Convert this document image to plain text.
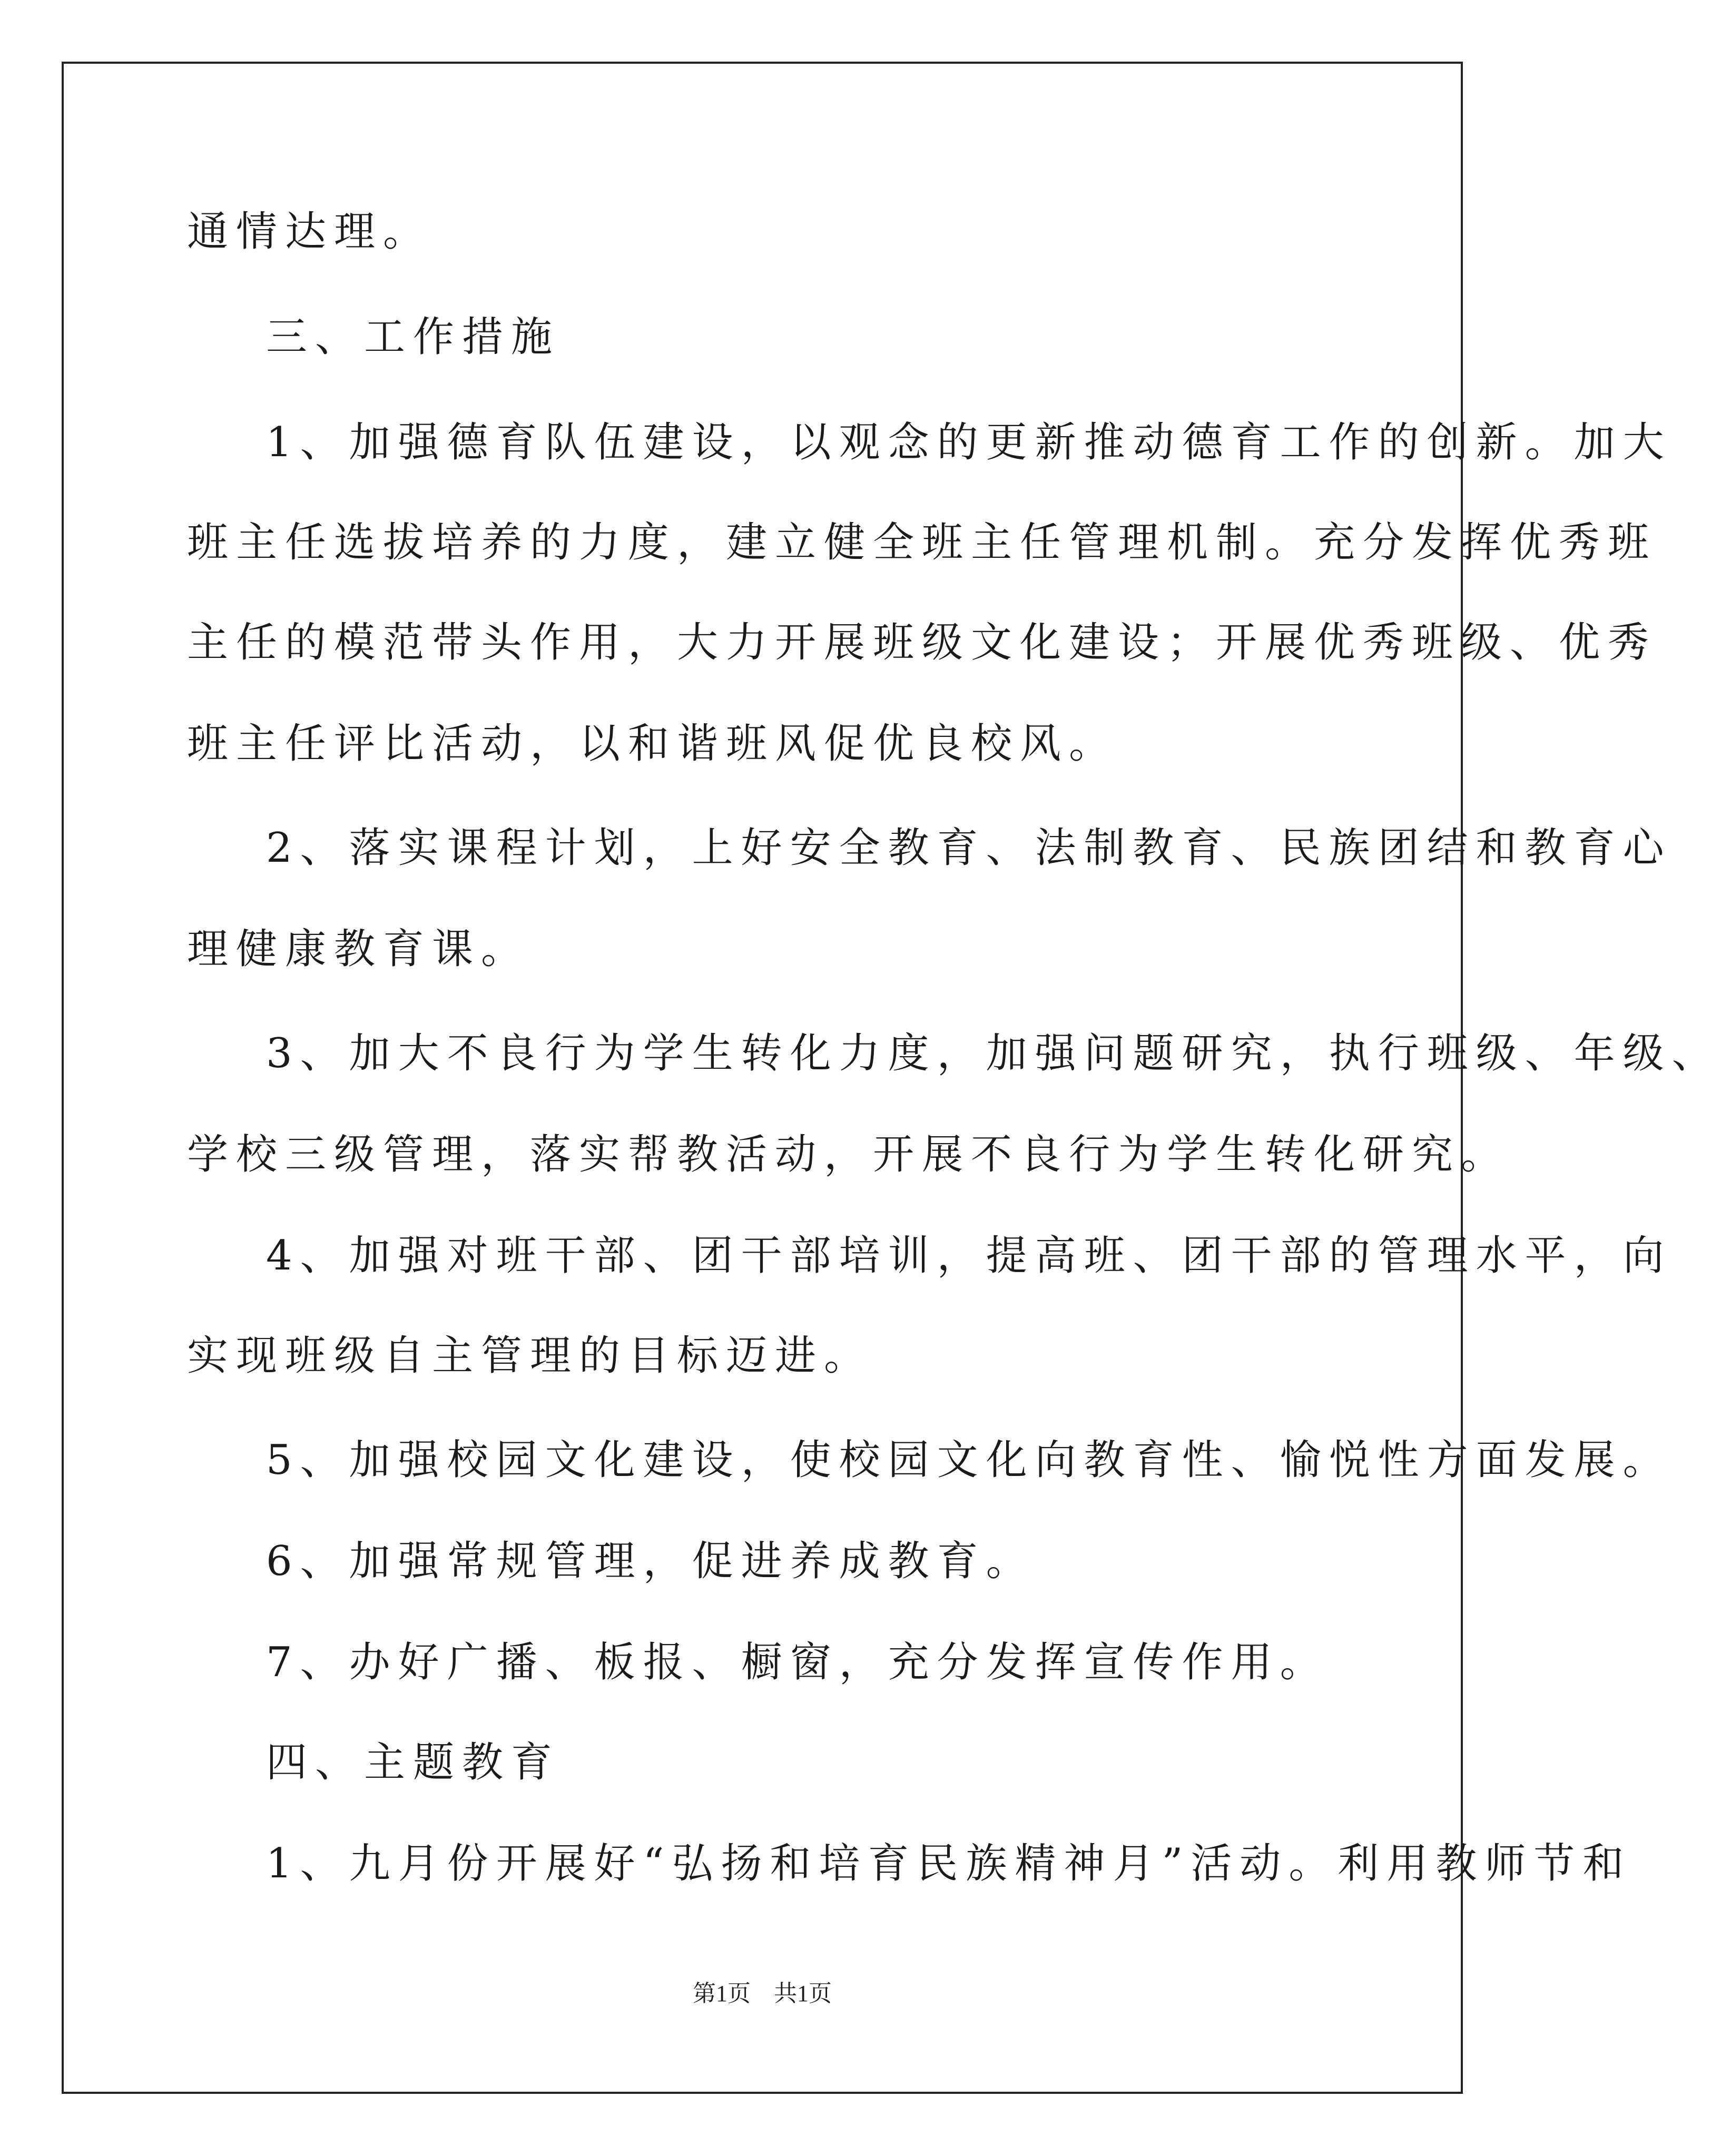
通情达理。
三、工作措施
1、加强德育队伍建设，以观念的更新推动德育工作的创新。加大
班主任选拔培养的力度，建立健全班主任管理机制。充分发挥优秀班
主任的模范带头作用，大力开展班级文化建设；开展优秀班级、优秀
班主任评比活动，以和谐班风促优良校风。
2、落实课程计划，上好安全教育、法制教育、民族团结和教育心
理健康教育课。
3、加大不良行为学生转化力度，加强问题研究，执行班级、年级、
学校三级管理，落实帮教活动，开展不良行为学生转化研究。
4、加强对班干部、团干部培训，提高班、团干部的管理水平，向
实现班级自主管理的目标迈进。
5、加强校园文化建设，使校园文化向教育性、愉悦性方面发展。
6、加强常规管理，促进养成教育。
7、办好广播、板报、橱窗，充分发挥宣传作用。
四、主题教育
1、九月份开展好“弘扬和培育民族精神月”活动。利用教师节和
第1页　共1页
